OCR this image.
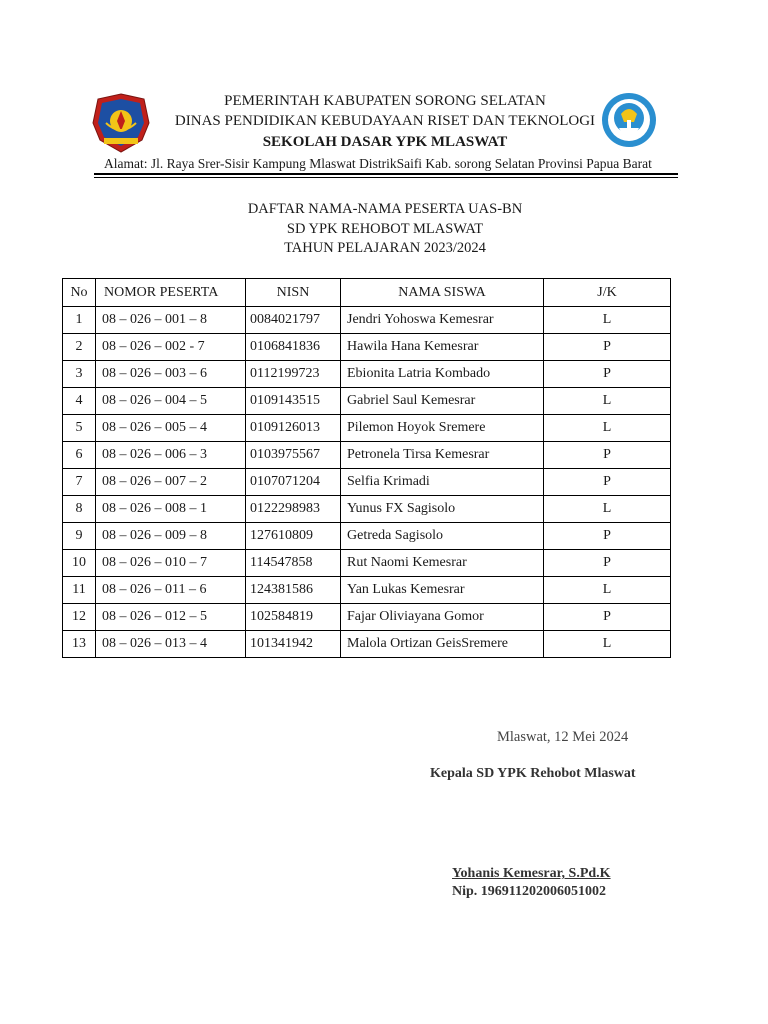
PEMERINTAH KABUPATEN SORONG SELATAN
DINAS PENDIDIKAN KEBUDAYAAN RISET DAN TEKNOLOGI
SEKOLAH DASAR YPK MLASWAT
Alamat: Jl. Raya Srer-Sisir Kampung Mlaswat DistrikSaifi Kab. sorong Selatan Provinsi Papua Barat
DAFTAR NAMA-NAMA PESERTA UAS-BN
SD YPK REHOBOT MLASWAT
TAHUN PELAJARAN 2023/2024
No	NOMOR PESERTA	NISN	NAMA SISWA	J/K
1	08 – 026 – 001 – 8	0084021797	Jendri Yohoswa Kemesrar	L
2	08 – 026 – 002 - 7	0106841836	Hawila Hana Kemesrar	P
3	08 – 026 – 003 – 6	0112199723	Ebionita Latria Kombado	P
4	08 – 026 – 004 – 5	0109143515	Gabriel Saul Kemesrar	L
5	08 – 026 – 005 – 4	0109126013	Pilemon Hoyok Sremere	L
6	08 – 026 – 006 – 3	0103975567	Petronela Tirsa Kemesrar	P
7	08 – 026 – 007 – 2	0107071204	Selfia Krimadi	P
8	08 – 026 – 008 – 1	0122298983	Yunus FX Sagisolo	L
9	08 – 026 – 009 – 8	127610809	Getreda Sagisolo	P
10	08 – 026 – 010 – 7	114547858	Rut Naomi Kemesrar	P
11	08 – 026 – 011 – 6	124381586	Yan Lukas Kemesrar	L
12	08 – 026 – 012 – 5	102584819	Fajar Oliviayana Gomor	P
13	08 – 026 – 013 – 4	101341942	Malola Ortizan GeisSremere	L
Mlaswat, 12 Mei 2024
Kepala SD YPK Rehobot Mlaswat
Yohanis Kemesrar, S.Pd.K
Nip. 196911202006051002
